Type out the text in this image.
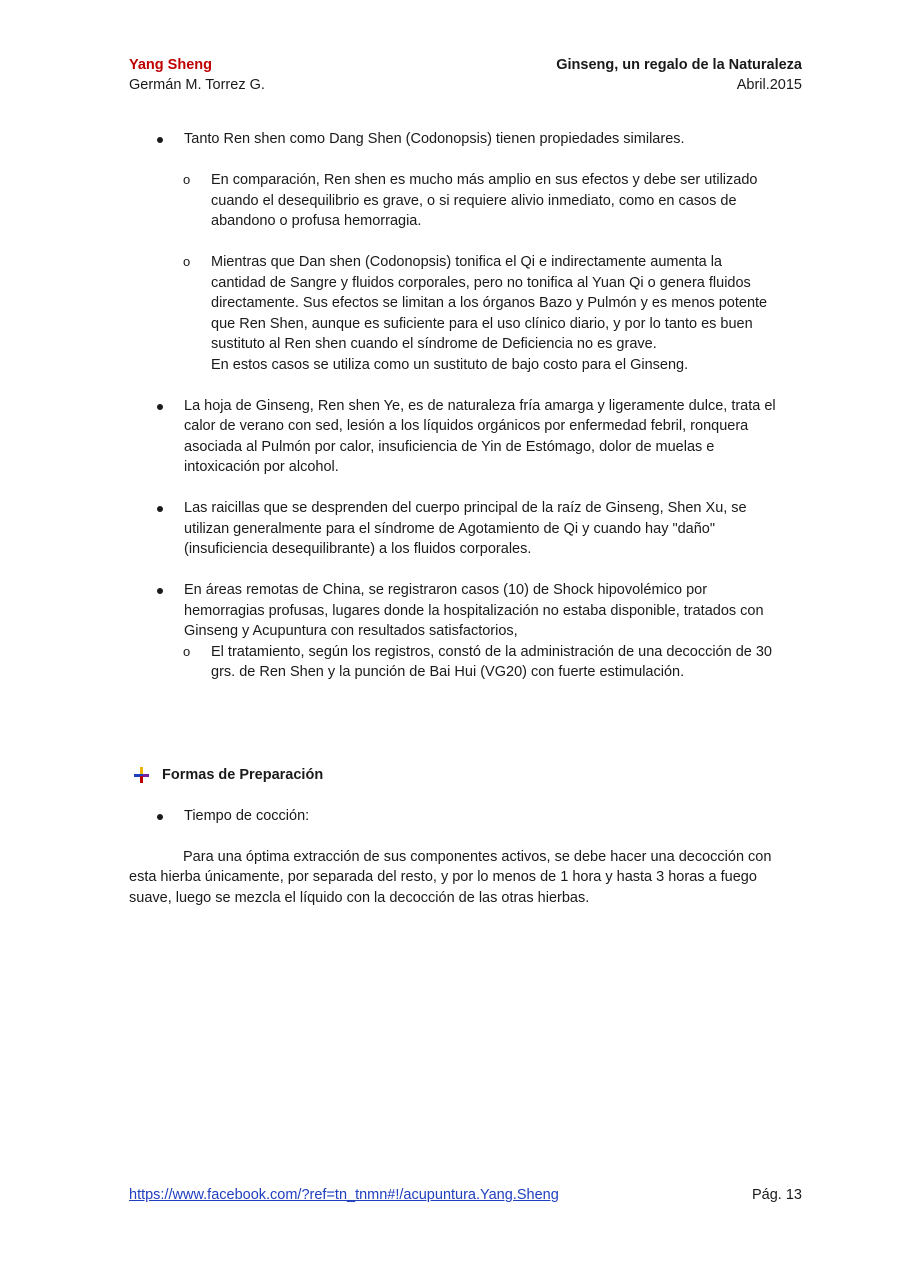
Yang Sheng	Ginseng, un regalo de la Naturaleza
Germán M. Torrez G.	Abril.2015

Tanto Ren shen como Dang Shen (Codonopsis) tienen propiedades similares.

o En comparación, Ren shen es mucho más amplio en sus efectos y debe ser utilizado cuando el desequilibrio es grave, o si requiere alivio inmediato, como en casos de abandono o profusa hemorragia.

o Mientras que Dan shen (Codonopsis) tonifica el Qi e indirectamente aumenta la cantidad de Sangre y fluidos corporales, pero no tonifica al Yuan Qi o genera fluidos directamente. Sus efectos se limitan a los órganos Bazo y Pulmón y es menos potente que Ren Shen, aunque es suficiente para el uso clínico diario, y por lo tanto es buen sustituto al Ren shen cuando el síndrome de Deficiencia no es grave.
En estos casos se utiliza como un sustituto de bajo costo para el Ginseng.

La hoja de Ginseng, Ren shen Ye, es de naturaleza fría amarga y ligeramente dulce, trata el calor de verano con sed, lesión a los líquidos orgánicos por enfermedad febril, ronquera asociada al Pulmón por calor, insuficiencia de Yin de Estómago, dolor de muelas e intoxicación por alcohol.

Las raicillas que se desprenden del cuerpo principal de la raíz de Ginseng, Shen Xu, se utilizan generalmente para el síndrome de Agotamiento de Qi y cuando hay "daño" (insuficiencia desequilibrante) a los fluidos corporales.

En áreas remotas de China, se registraron casos (10) de Shock hipovolémico por hemorragias profusas, lugares donde la hospitalización no estaba disponible, tratados con Ginseng y Acupuntura con resultados satisfactorios,

o El tratamiento, según los registros, constó de la administración de una decocción de 30 grs. de Ren Shen y la punción de Bai Hui (VG20) con fuerte estimulación.

Formas de Preparación

Tiempo de cocción:

Para una óptima extracción de sus componentes activos, se debe hacer una decocción con esta hierba únicamente, por separada del resto, y por lo menos de 1 hora y hasta 3 horas a fuego suave, luego se mezcla el líquido con la decocción de las otras hierbas.

https://www.facebook.com/?ref=tn_tnmn#!/acupuntura.Yang.Sheng	Pág. 13
